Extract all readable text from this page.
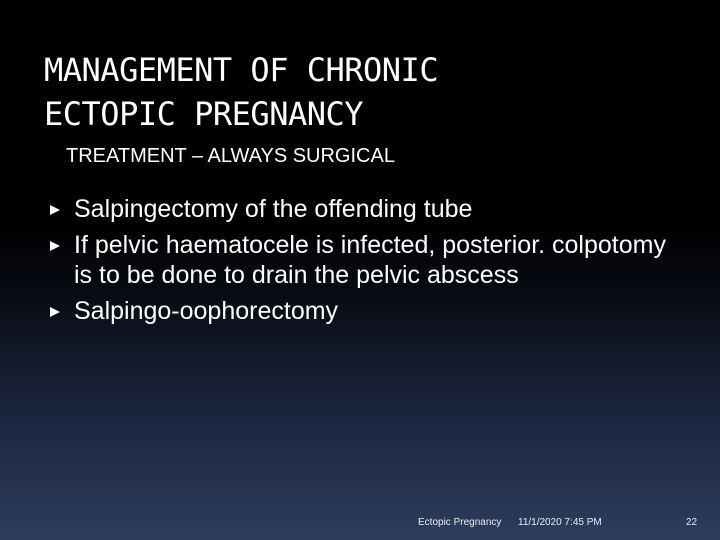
MANAGEMENT OF CHRONIC
ECTOPIC PREGNANCY
TREATMENT – ALWAYS SURGICAL
Salpingectomy of the offending tube
If pelvic haematocele is infected, posterior. colpotomy is to be done to drain the pelvic abscess
Salpingo-oophorectomy
Ectopic Pregnancy 11/1/2020 7:45 PM	22
